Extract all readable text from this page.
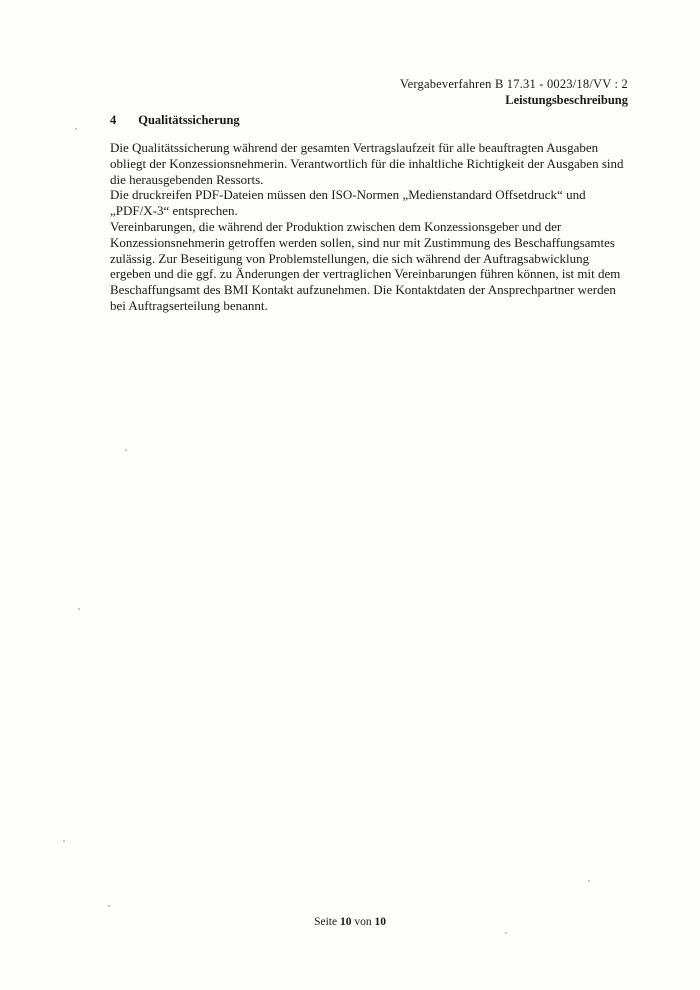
Vergabeverfahren B 17.31 - 0023/18/VV : 2
Leistungsbeschreibung
4 Qualitätssicherung

Die Qualitätssicherung während der gesamten Vertragslaufzeit für alle beauftragten Ausgaben obliegt der Konzessionsnehmerin. Verantwortlich für die inhaltliche Richtigkeit der Ausgaben sind die herausgebenden Ressorts.

Die druckreifen PDF-Dateien müssen den ISO-Normen „Medienstandard Offsetdruck“ und „PDF/X-3“ entsprechen.

Vereinbarungen, die während der Produktion zwischen dem Konzessionsgeber und der Konzessionsnehmerin getroffen werden sollen, sind nur mit Zustimmung des Beschaffungsamtes zulässig. Zur Beseitigung von Problemstellungen, die sich während der Auftragsabwicklung ergeben und die ggf. zu Änderungen der vertraglichen Vereinbarungen führen können, ist mit dem Beschaffungsamt des BMI Kontakt aufzunehmen. Die Kontaktdaten der Ansprechpartner werden bei Auftragserteilung benannt.

Seite 10 von 10
